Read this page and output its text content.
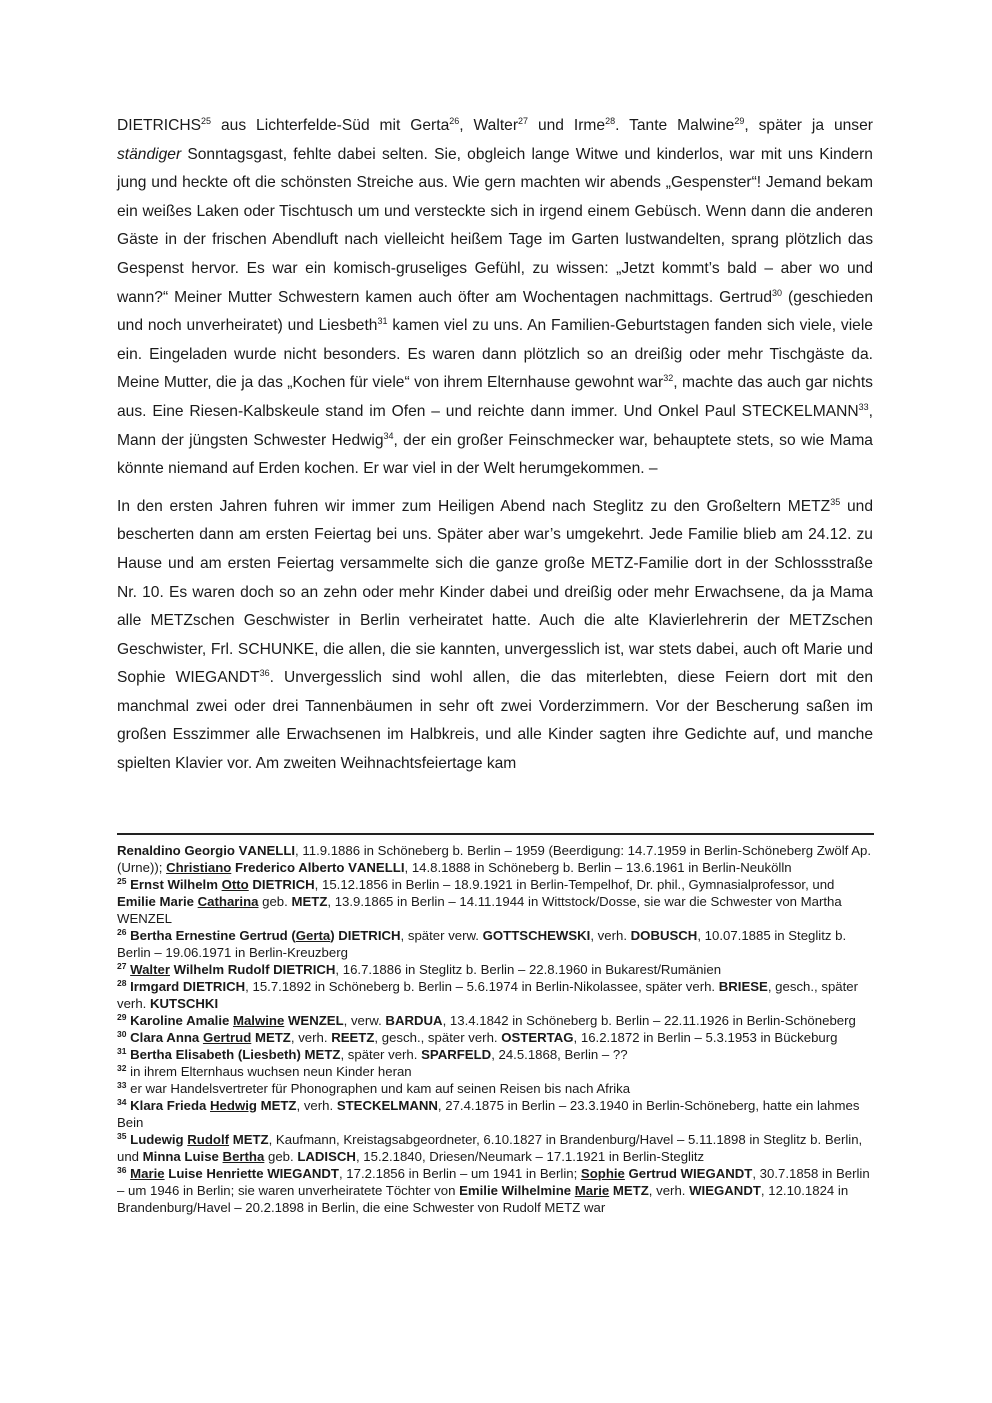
DIETRICHS$^{25}$ aus Lichterfelde-Süd mit Gerta$^{26}$, Walter$^{27}$ und Irme$^{28}$. Tante Malwine$^{29}$, später ja unser ständiger Sonntagsgast, fehlte dabei selten. Sie, obgleich lange Witwe und kinderlos, war mit uns Kindern jung und heckte oft die schönsten Streiche aus. Wie gern machten wir abends „Gespenster“! Jemand bekam ein weißes Laken oder Tischtusch um und versteckte sich in irgend einem Gebüsch. Wenn dann die anderen Gäste in der frischen Abendluft nach vielleicht heißem Tage im Garten lustwandelten, sprang plötzlich das Gespenst hervor. Es war ein komisch-gruseliges Gefühl, zu wissen: „Jetzt kommt’s bald – aber wo und wann?“ Meiner Mutter Schwestern kamen auch öfter am Wochentagen nachmittags. Gertrud$^{30}$ (geschieden und noch unverheiratet) und Liesbeth$^{31}$ kamen viel zu uns. An Familien-Geburtstagen fanden sich viele, viele ein. Eingeladen wurde nicht besonders. Es waren dann plötzlich so an dreißig oder mehr Tischgäste da. Meine Mutter, die ja das „Kochen für viele“ von ihrem Elternhause gewohnt war$^{32}$, machte das auch gar nichts aus. Eine Riesen-Kalbskeule stand im Ofen – und reichte dann immer. Und Onkel Paul STECKELMANN$^{33}$, Mann der jüngsten Schwester Hedwig$^{34}$, der ein großer Feinschmecker war, behauptete stets, so wie Mama könnte niemand auf Erden kochen. Er war viel in der Welt herumgekommen. –

In den ersten Jahren fuhren wir immer zum Heiligen Abend nach Steglitz zu den Großeltern METZ$^{35}$ und bescherten dann am ersten Feiertag bei uns. Später aber war’s umgekehrt. Jede Familie blieb am 24.12. zu Hause und am ersten Feiertag versammelte sich die ganze große METZ-Familie dort in der Schlossstraße Nr. 10. Es waren doch so an zehn oder mehr Kinder dabei und dreißig oder mehr Erwachsene, da ja Mama alle METZschen Geschwister in Berlin verheiratet hatte. Auch die alte Klavierlehrerin der METZschen Geschwister, Frl. SCHUNKE, die allen, die sie kannten, unvergesslich ist, war stets dabei, auch oft Marie und Sophie WIEGANDT$^{36}$. Unvergesslich sind wohl allen, die das miterlebten, diese Feiern dort mit den manchmal zwei oder drei Tannenbäumen in sehr oft zwei Vorderzimmern. Vor der Bescherung saßen im großen Esszimmer alle Erwachsenen im Halbkreis, und alle Kinder sagten ihre Gedichte auf, und manche spielten Klavier vor. Am zweiten Weihnachtsfeiertage kam

Renaldino Georgio VANELLI, 11.9.1886 in Schöneberg b. Berlin – 1959 (Beerdigung: 14.7.1959 in Berlin-Schöneberg Zwölf Ap. (Urne)); Christiano Frederico Alberto VANELLI, 14.8.1888 in Schöneberg b. Berlin – 13.6.1961 in Berlin-Neukölln

$^{25}$ Ernst Wilhelm Otto DIETRICH, 15.12.1856 in Berlin – 18.9.1921 in Berlin-Tempelhof, Dr. phil., Gymnasialprofessor, und Emilie Marie Catharina geb. METZ, 13.9.1865 in Berlin – 14.11.1944 in Wittstock/Dosse, sie war die Schwester von Martha WENZEL

$^{26}$ Bertha Ernestine Gertrud (Gerta) DIETRICH, später verw. GOTTSCHEWSKI, verh. DOBUSCH, 10.07.1885 in Steglitz b. Berlin – 19.06.1971 in Berlin-Kreuzberg

$^{27}$ Walter Wilhelm Rudolf DIETRICH, 16.7.1886 in Steglitz b. Berlin – 22.8.1960 in Bukarest/Rumänien

$^{28}$ Irmgard DIETRICH, 15.7.1892 in Schöneberg b. Berlin – 5.6.1974 in Berlin-Nikolassee, später verh. BRIESE, gesch., später verh. KUTSCHKI

$^{29}$ Karoline Amalie Malwine WENZEL, verw. BARDUA, 13.4.1842 in Schöneberg b. Berlin – 22.11.1926 in Berlin-Schöneberg

$^{30}$ Clara Anna Gertrud METZ, verh. REETZ, gesch., später verh. OSTERTAG, 16.2.1872 in Berlin – 5.3.1953 in Bückeburg

$^{31}$ Bertha Elisabeth (Liesbeth) METZ, später verh. SPARFELD, 24.5.1868, Berlin – ??

$^{32}$ in ihrem Elternhaus wuchsen neun Kinder heran

$^{33}$ er war Handelsvertreter für Phonographen und kam auf seinen Reisen bis nach Afrika

$^{34}$ Klara Frieda Hedwig METZ, verh. STECKELMANN, 27.4.1875 in Berlin – 23.3.1940 in Berlin-Schöneberg, hatte ein lahmes Bein

$^{35}$ Ludewig Rudolf METZ, Kaufmann, Kreistagsabgeordneter, 6.10.1827 in Brandenburg/Havel – 5.11.1898 in Steglitz b. Berlin, und Minna Luise Bertha geb. LADISCH, 15.2.1840, Driesen/Neumark – 17.1.1921 in Berlin-Steglitz

$^{36}$ Marie Luise Henriette WIEGANDT, 17.2.1856 in Berlin – um 1941 in Berlin; Sophie Gertrud WIEGANDT, 30.7.1858 in Berlin – um 1946 in Berlin; sie waren unverheiratete Töchter von Emilie Wilhelmine Marie METZ, verh. WIEGANDT, 12.10.1824 in Brandenburg/Havel – 20.2.1898 in Berlin, die eine Schwester von Rudolf METZ war
